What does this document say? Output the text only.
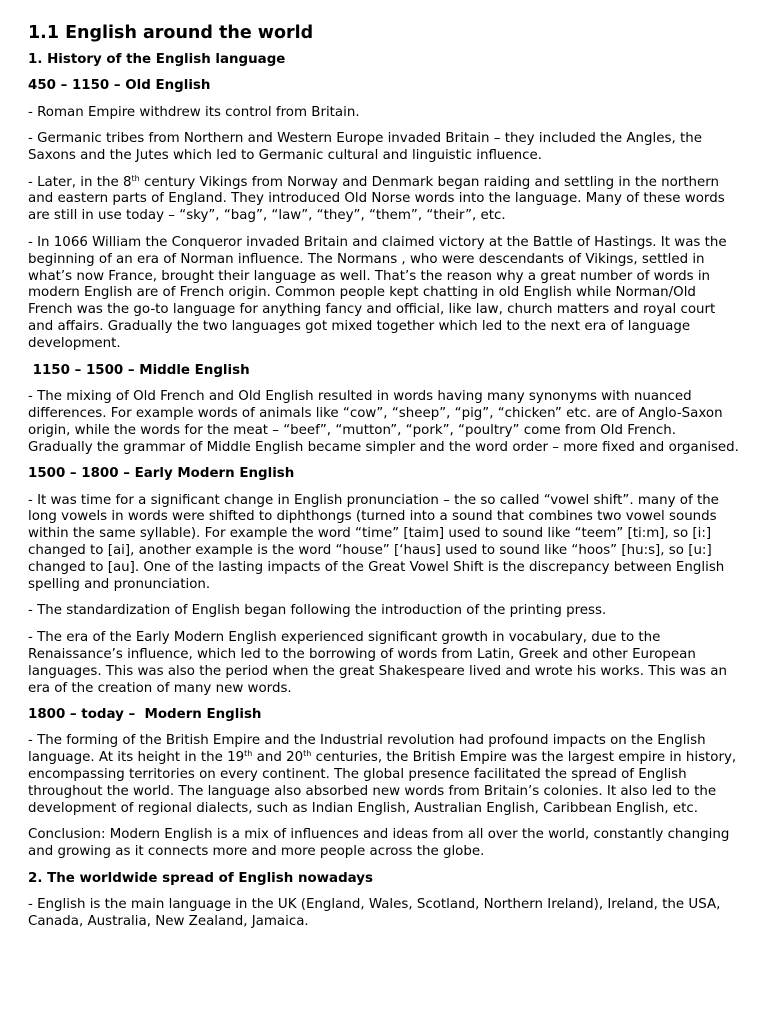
1.1 English around the world
1. History of the English language
450 – 1150 – Old English

- Roman Empire withdrew its control from Britain.

- Germanic tribes from Northern and Western Europe invaded Britain – they included the Angles, the Saxons and the Jutes which led to Germanic cultural and linguistic influence.

- Later, in the 8th century Vikings from Norway and Denmark began raiding and settling in the northern and eastern parts of England. They introduced Old Norse words into the language. Many of these words are still in use today – “sky”, “bag”, “law”, “they”, “them”, “their”, etc.

- In 1066 William the Conqueror invaded Britain and claimed victory at the Battle of Hastings. It was the beginning of an era of Norman influence. The Normans , who were descendants of Vikings, settled in what’s now France, brought their language as well. That’s the reason why a great number of words in modern English are of French origin. Common people kept chatting in old English while Norman/Old French was the go-to language for anything fancy and official, like law, church matters and royal court and affairs. Gradually the two languages got mixed together which led to the next era of language development.

1150 – 1500 – Middle English

- The mixing of Old French and Old English resulted in words having many synonyms with nuanced differences. For example words of animals like “cow”, “sheep”, “pig”, “chicken” etc. are of Anglo-Saxon origin, while the words for the meat – “beef”, “mutton”, “pork”, “poultry” come from Old French. Gradually the grammar of Middle English became simpler and the word order – more fixed and organised.

1500 – 1800 – Early Modern English

- It was time for a significant change in English pronunciation – the so called “vowel shift”. many of the long vowels in words were shifted to diphthongs (turned into a sound that combines two vowel sounds within the same syllable). For example the word “time” [taim] used to sound like “teem” [ti:m], so [i:] changed to [ai], another example is the word “house” [‘haus] used to sound like “hoos” [hu:s], so [u:] changed to [au]. One of the lasting impacts of the Great Vowel Shift is the discrepancy between English spelling and pronunciation.

- The standardization of English began following the introduction of the printing press.

- The era of the Early Modern English experienced significant growth in vocabulary, due to the Renaissance’s influence, which led to the borrowing of words from Latin, Greek and other European languages. This was also the period when the great Shakespeare lived and wrote his works. This was an era of the creation of many new words.

1800 – today –  Modern English

- The forming of the British Empire and the Industrial revolution had profound impacts on the English language. At its height in the 19th and 20th centuries, the British Empire was the largest empire in history, encompassing territories on every continent. The global presence facilitated the spread of English throughout the world. The language also absorbed new words from Britain’s colonies. It also led to the development of regional dialects, such as Indian English, Australian English, Caribbean English, etc.

Conclusion: Modern English is a mix of influences and ideas from all over the world, constantly changing and growing as it connects more and more people across the globe.

2. The worldwide spread of English nowadays

- English is the main language in the UK (England, Wales, Scotland, Northern Ireland), Ireland, the USA, Canada, Australia, New Zealand, Jamaica.
